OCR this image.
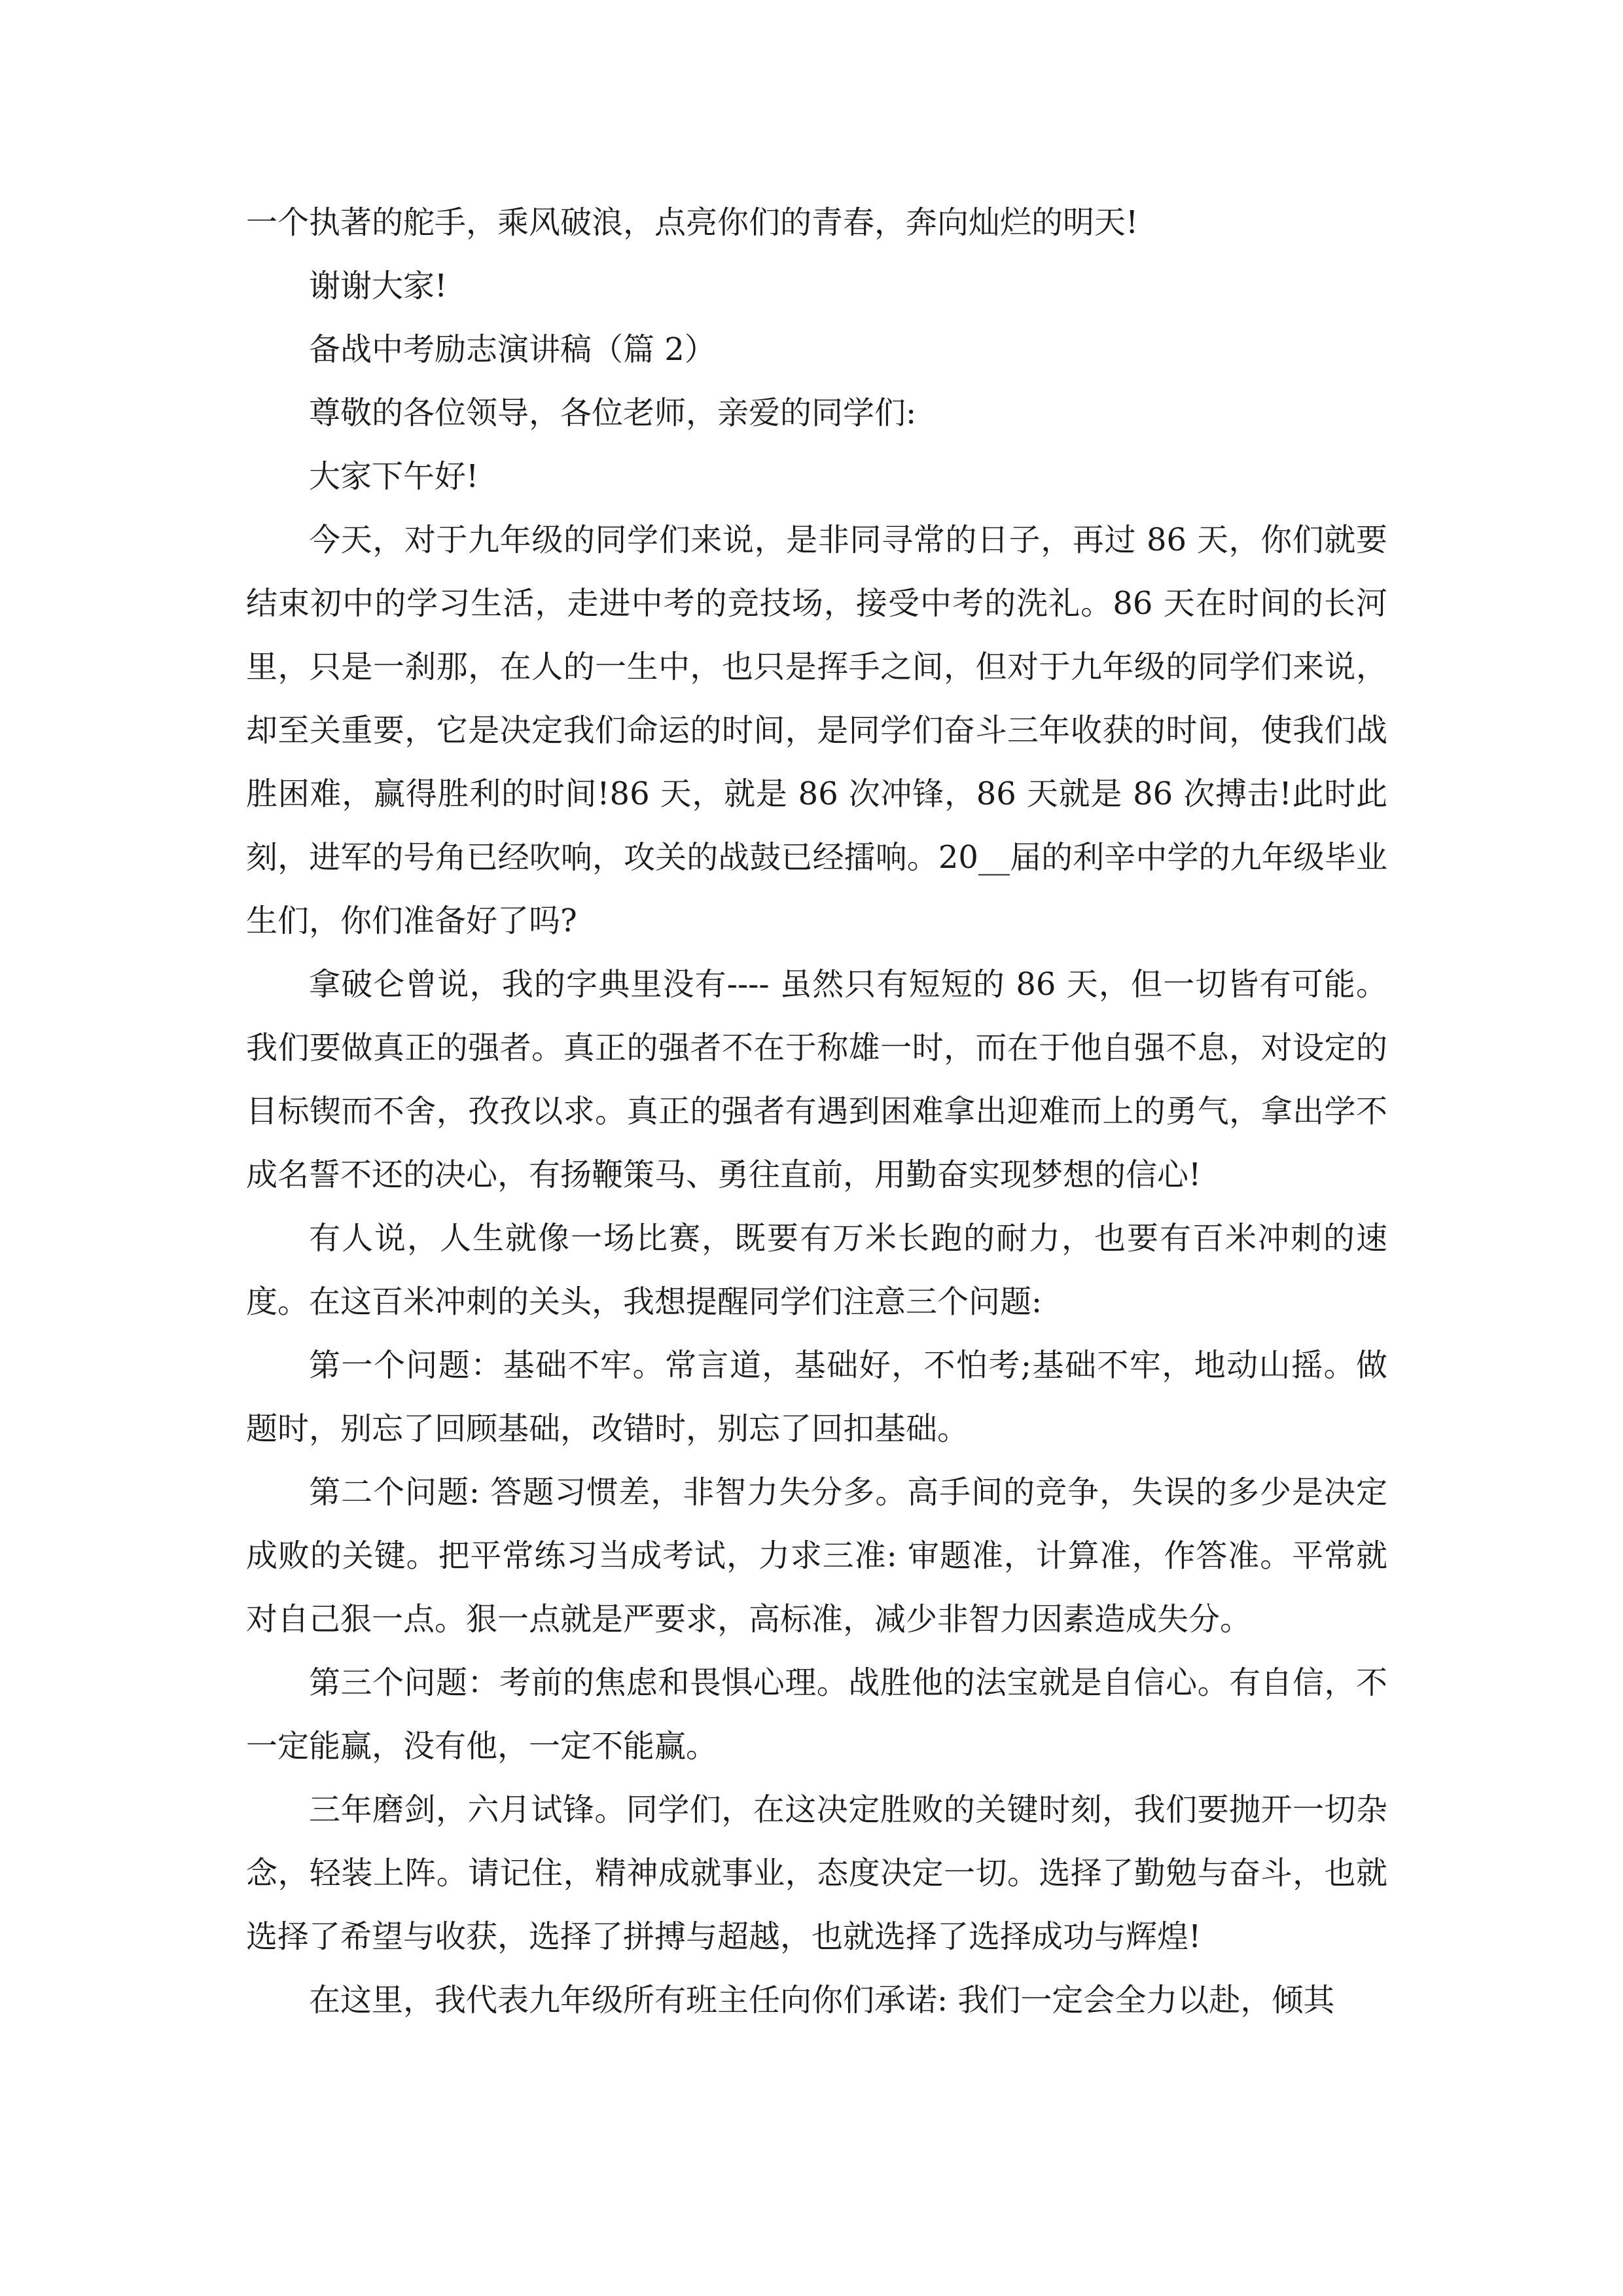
一个执著的舵手，乘风破浪，点亮你们的青春，奔向灿烂的明天!

谢谢大家!

备战中考励志演讲稿（篇 2）

尊敬的各位领导，各位老师，亲爱的同学们:

大家下午好!

今天，对于九年级的同学们来说，是非同寻常的日子，再过 86 天，你们就要结束初中的学习生活，走进中考的竞技场，接受中考的洗礼。86 天在时间的长河里，只是一刹那，在人的一生中，也只是挥手之间，但对于九年级的同学们来说，却至关重要，它是决定我们命运的时间，是同学们奋斗三年收获的时间，使我们战胜困难，赢得胜利的时间!86 天，就是 86 次冲锋，86 天就是 86 次搏击!此时此刻，进军的号角已经吹响，攻关的战鼓已经擂响。20__届的利辛中学的九年级毕业生们，你们准备好了吗?

拿破仑曾说，我的字典里没有---- 虽然只有短短的 86 天，但一切皆有可能。我们要做真正的强者。真正的强者不在于称雄一时，而在于他自强不息，对设定的目标锲而不舍，孜孜以求。真正的强者有遇到困难拿出迎难而上的勇气，拿出学不成名誓不还的决心，有扬鞭策马、勇往直前，用勤奋实现梦想的信心!

有人说，人生就像一场比赛，既要有万米长跑的耐力，也要有百米冲刺的速度。在这百米冲刺的关头，我想提醒同学们注意三个问题:

第一个问题：基础不牢。常言道，基础好，不怕考;基础不牢，地动山摇。做题时，别忘了回顾基础，改错时，别忘了回扣基础。

第二个问题: 答题习惯差，非智力失分多。高手间的竞争，失误的多少是决定成败的关键。把平常练习当成考试，力求三准: 审题准，计算准，作答准。平常就对自己狠一点。狠一点就是严要求，高标准，减少非智力因素造成失分。

第三个问题：考前的焦虑和畏惧心理。战胜他的法宝就是自信心。有自信，不一定能赢，没有他，一定不能赢。

三年磨剑，六月试锋。同学们，在这决定胜败的关键时刻，我们要抛开一切杂念，轻装上阵。请记住，精神成就事业，态度决定一切。选择了勤勉与奋斗，也就选择了希望与收获，选择了拼搏与超越，也就选择了选择成功与辉煌!

在这里，我代表九年级所有班主任向你们承诺: 我们一定会全力以赴，倾其
